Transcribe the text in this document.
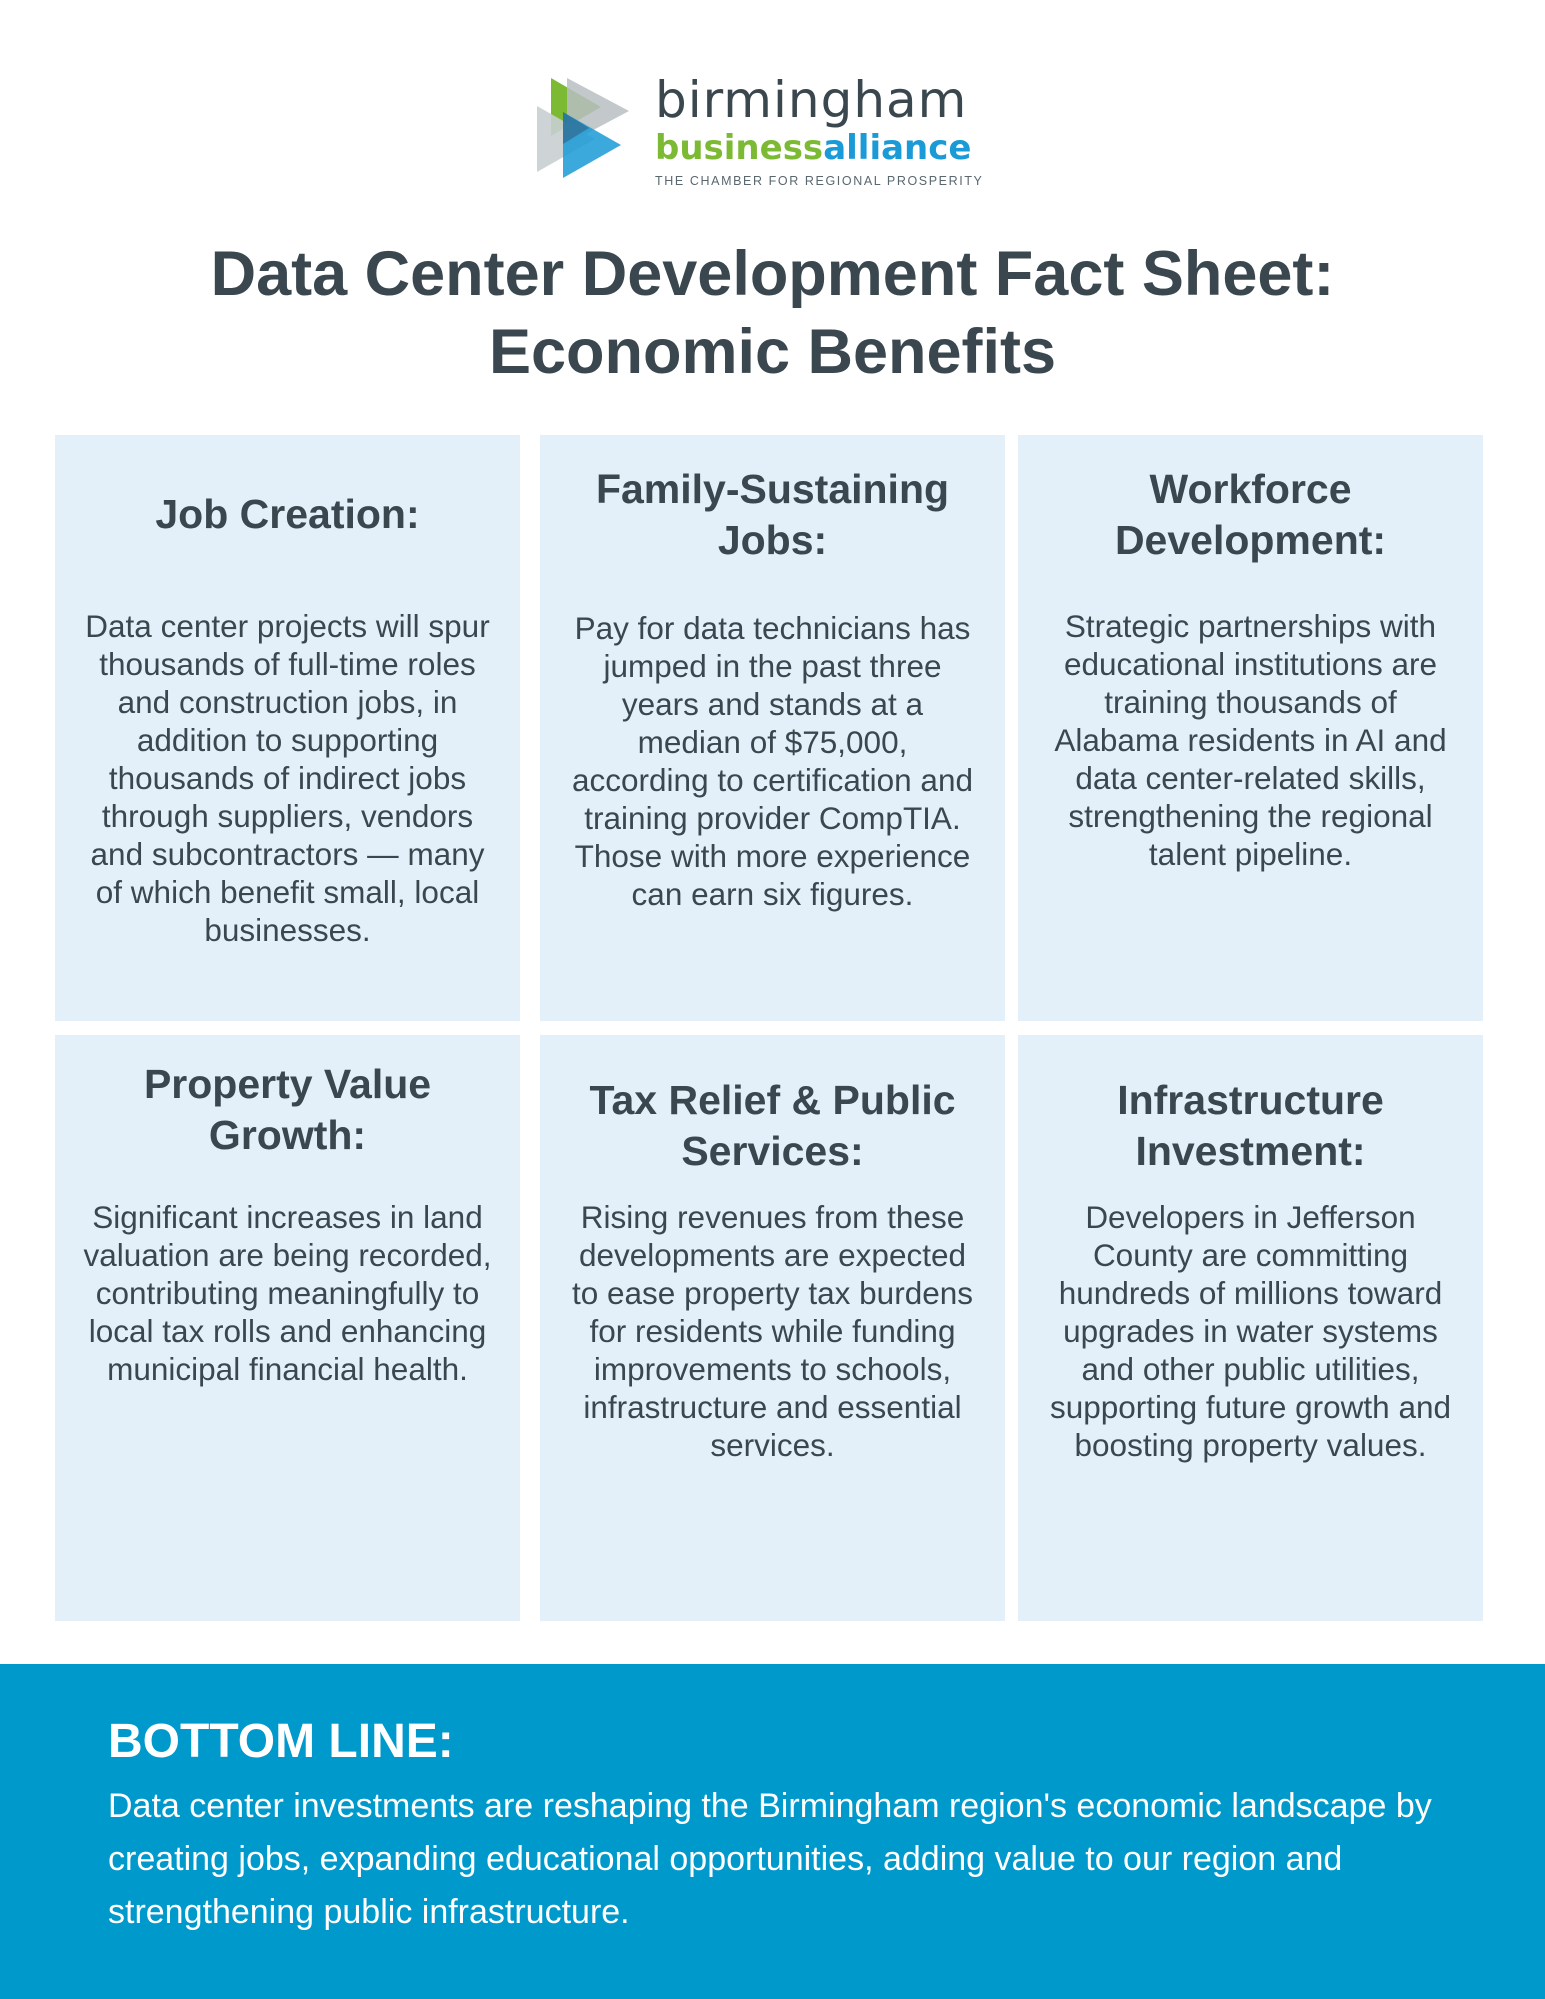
birmingham
businessalliance
THE CHAMBER FOR REGIONAL PROSPERITY
Data Center Development Fact Sheet:
Economic Benefits
Job Creation:

Data center projects will spur thousands of full-time roles and construction jobs, in addition to supporting thousands of indirect jobs through suppliers, vendors and subcontractors — many of which benefit small, local businesses.

Family-Sustaining Jobs:

Pay for data technicians has jumped in the past three years and stands at a median of $75,000, according to certification and training provider CompTIA. Those with more experience can earn six figures.

Workforce Development:

Strategic partnerships with educational institutions are training thousands of Alabama residents in AI and data center-related skills, strengthening the regional talent pipeline.

Property Value Growth:

Significant increases in land valuation are being recorded, contributing meaningfully to local tax rolls and enhancing municipal financial health.

Tax Relief & Public Services:

Rising revenues from these developments are expected to ease property tax burdens for residents while funding improvements to schools, infrastructure and essential services.

Infrastructure Investment:

Developers in Jefferson County are committing hundreds of millions toward upgrades in water systems and other public utilities, supporting future growth and boosting property values.

BOTTOM LINE:

Data center investments are reshaping the Birmingham region's economic landscape by creating jobs, expanding educational opportunities, adding value to our region and strengthening public infrastructure.
